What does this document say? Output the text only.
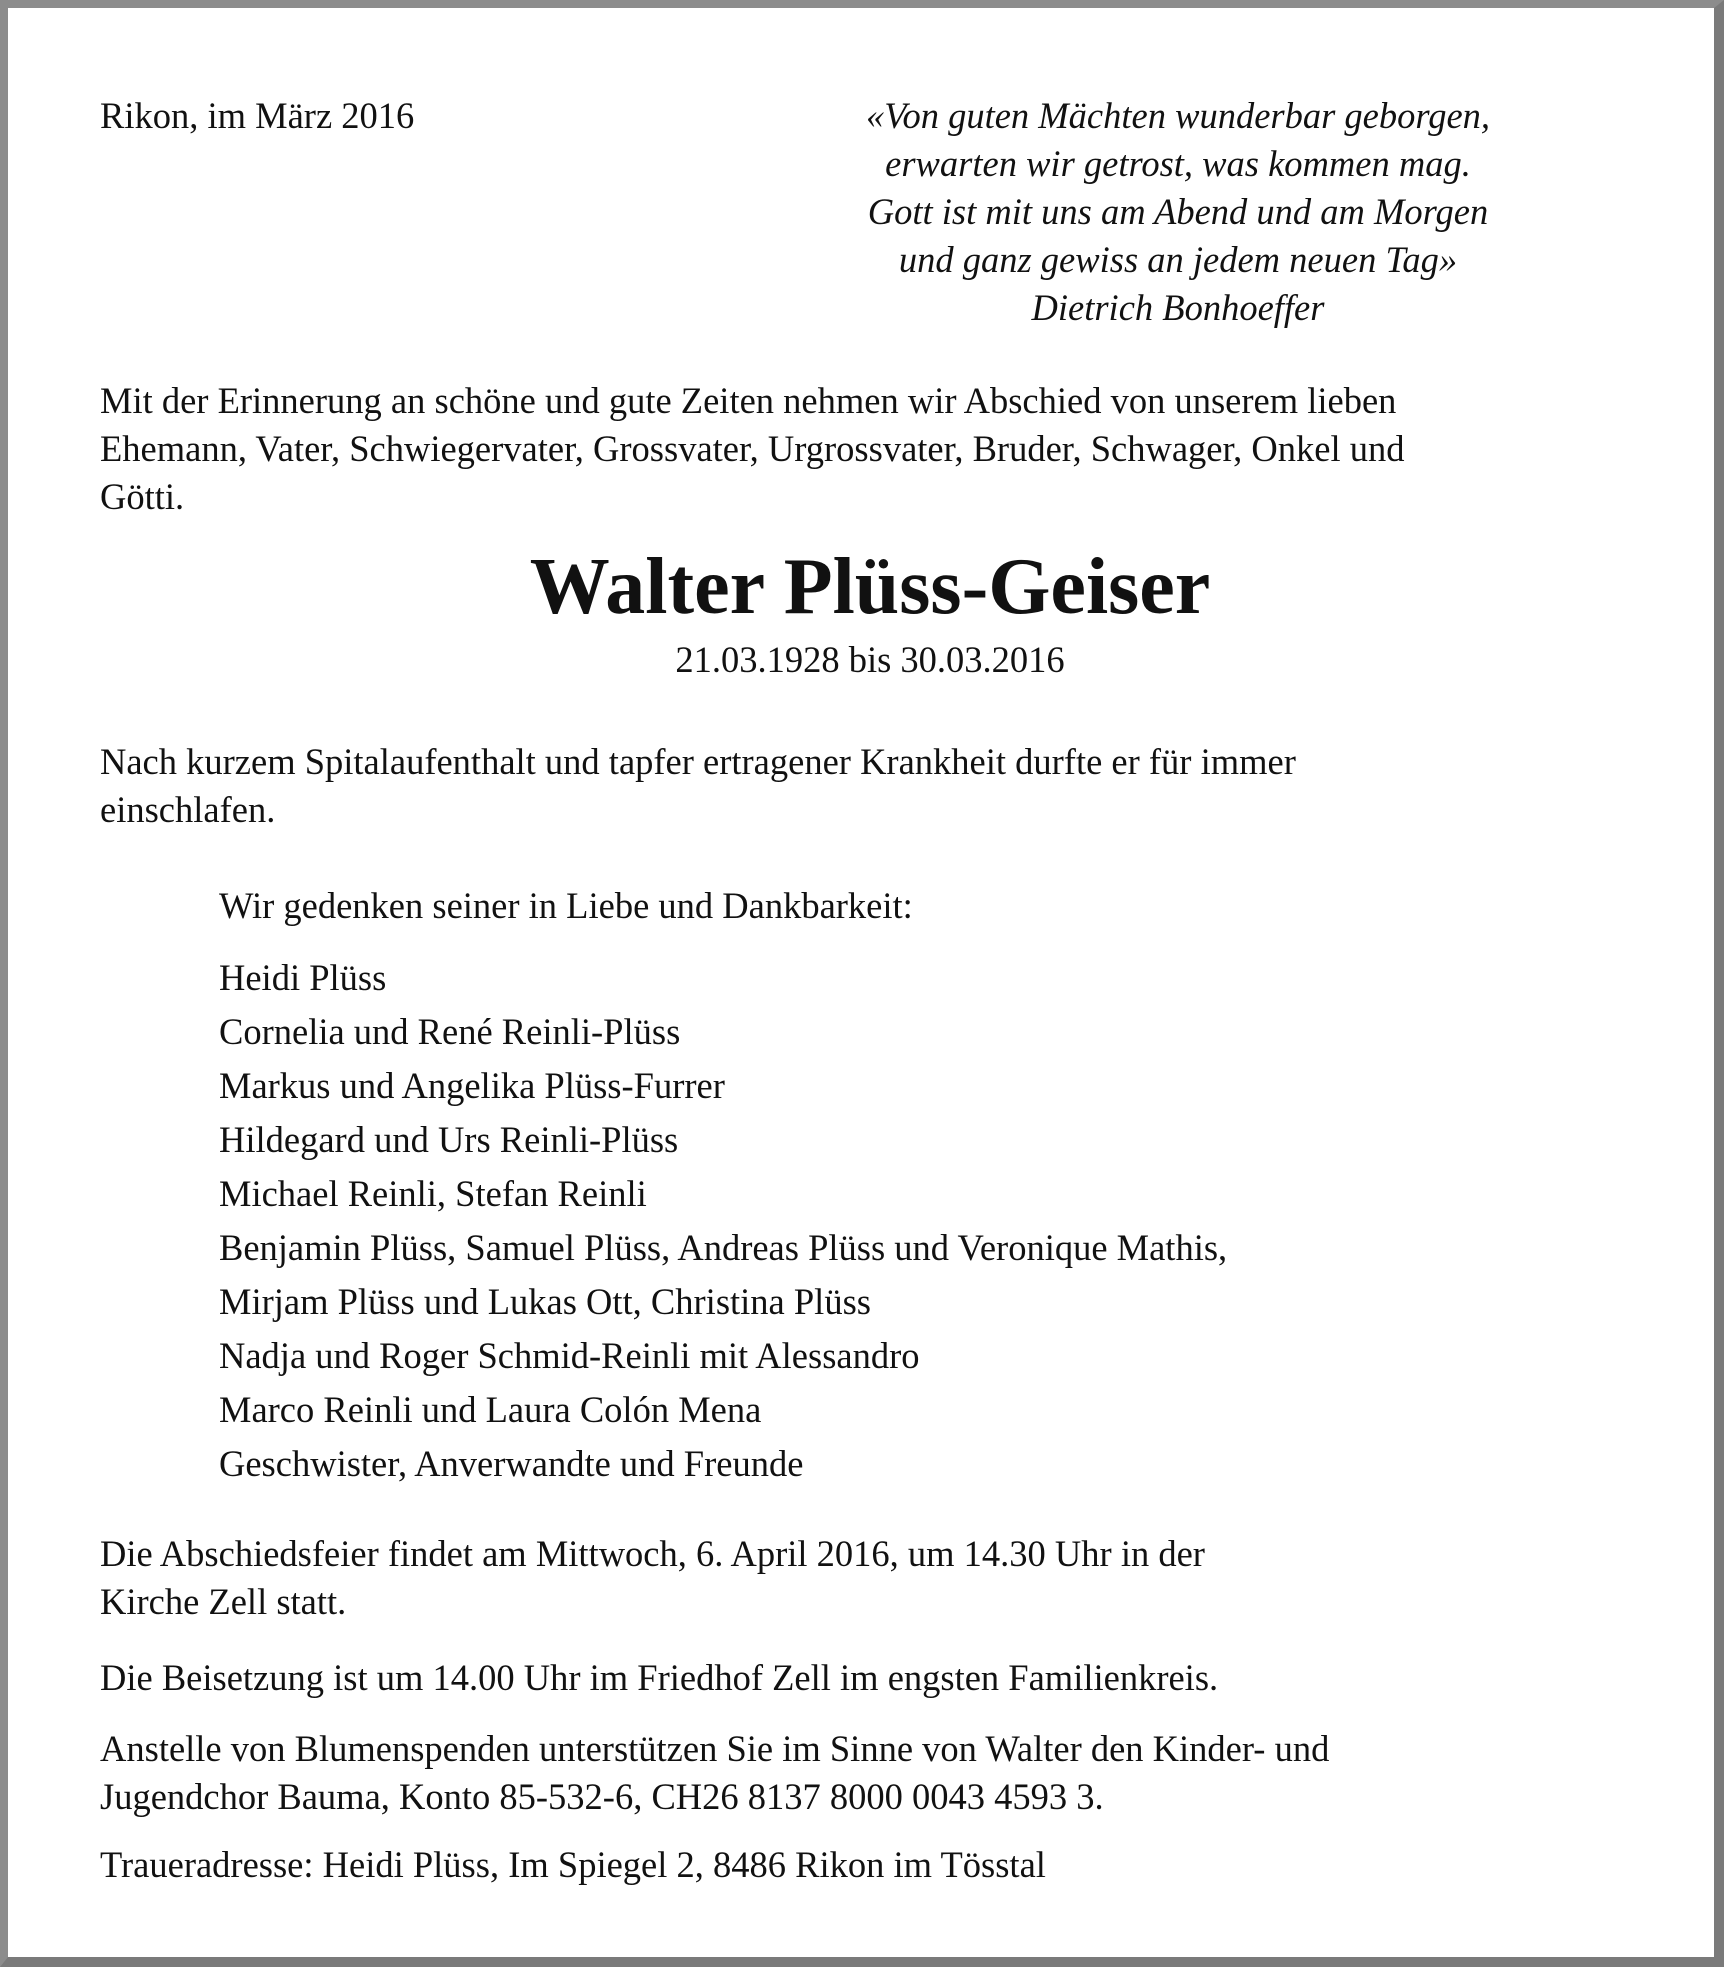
Rikon, im März 2016	«Von guten Mächten wunderbar geborgen,
erwarten wir getrost, was kommen mag.
Gott ist mit uns am Abend und am Morgen
und ganz gewiss an jedem neuen Tag»
Dietrich Bonhoeffer

Mit der Erinnerung an schöne und gute Zeiten nehmen wir Abschied von unserem lieben
Ehemann, Vater, Schwiegervater, Grossvater, Urgrossvater, Bruder, Schwager, Onkel und
Götti.

Walter Plüss-Geiser
21.03.1928 bis 30.03.2016

Nach kurzem Spitalaufenthalt und tapfer ertragener Krankheit durfte er für immer
einschlafen.

Wir gedenken seiner in Liebe und Dankbarkeit:

Heidi Plüss
Cornelia und René Reinli-Plüss
Markus und Angelika Plüss-Furrer
Hildegard und Urs Reinli-Plüss
Michael Reinli, Stefan Reinli
Benjamin Plüss, Samuel Plüss, Andreas Plüss und Veronique Mathis,
Mirjam Plüss und Lukas Ott, Christina Plüss
Nadja und Roger Schmid-Reinli mit Alessandro
Marco Reinli und Laura Colón Mena
Geschwister, Anverwandte und Freunde

Die Abschiedsfeier findet am Mittwoch, 6. April 2016, um 14.30 Uhr in der
Kirche Zell statt.

Die Beisetzung ist um 14.00 Uhr im Friedhof Zell im engsten Familienkreis.

Anstelle von Blumenspenden unterstützen Sie im Sinne von Walter den Kinder- und
Jugendchor Bauma, Konto 85-532-6, CH26 8137 8000 0043 4593 3.

Traueradresse: Heidi Plüss, Im Spiegel 2, 8486 Rikon im Tösstal
